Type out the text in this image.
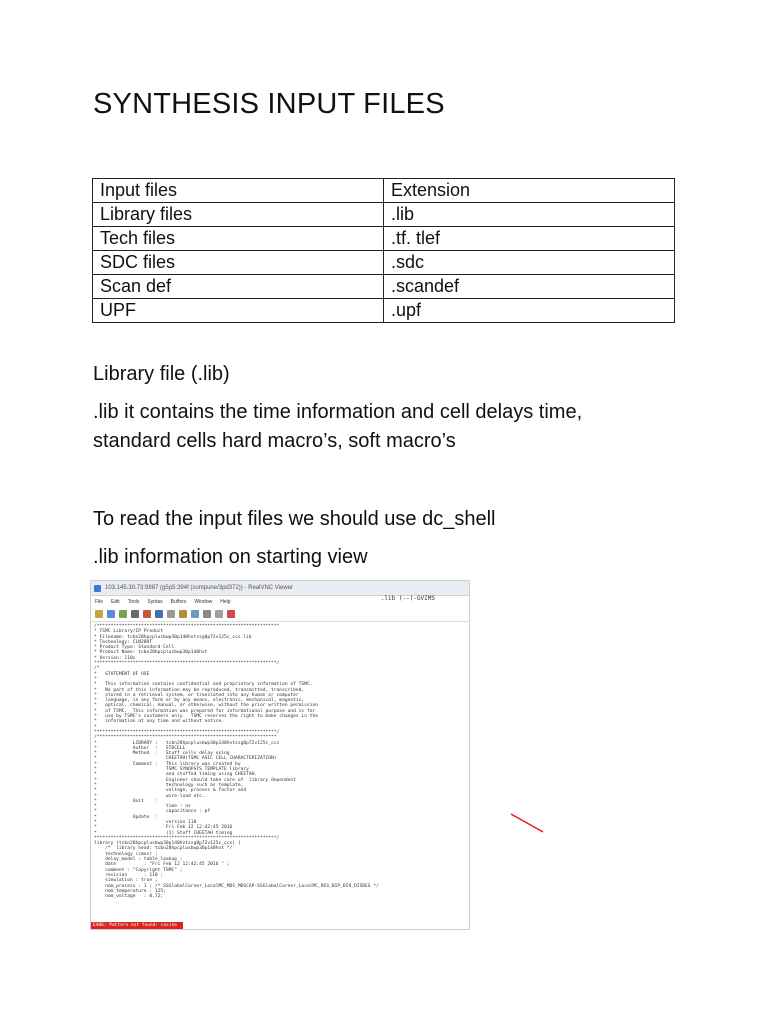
SYNTHESIS INPUT FILES
Input files	Extension
Library files	.lib
Tech files	.tf. tlef
SDC files	.sdc
Scan def	.scandef
UPF	.upf
Library file (.lib)
.lib it contains the time information and cell delays time,
standard cells hard macro’s, soft macro’s
To read the input files we should use dc_shell
.lib information on starting view
103.145.30.73:9887 (g5p5:394f (sumpune/3pd372)) - RealVNC Viewer
.lib (--)-GVIMS
File Edit Tools Syntax Buffers Window Help
/******************************************************************
* TSMC Library/IP Product
* Filename: tcbn28hpcplusbwp30p140hvtssg0p72v125c_ccs.lib
* Technology: CLN28HT
* Product Type: Standard Cell
* Product Name: tcbn28hpcplusbwp30p140hvt
* Version: 110c
******************************************************************/
/*
*   STATEMENT OF USE
*
*   This information contains confidential and proprietary information of TSMC.
*   No part of this information may be reproduced, transmitted, transcribed,
*   stored in a retrieval system, or translated into any human or computer
*   language, in any form or by any means, electronic, mechanical, magnetic,
*   optical, chemical, manual, or otherwise, without the prior written permission
*   of TSMC.  This information was prepared for informational purpose and is for
*   use by TSMC's customers only.  TSMC reserves the right to make changes in the
*   information at any time and without notice.
*
******************************************************************/
/*****************************************************************
*             LIBRARY :   tcbn28hpcplusbwp30p140hvtssg0p72v125c_ccs
*             Author  :   STDCELL
*             Method  :   Stuff cells delay using
*                         CHEETAH(TSMC ASIC CELL CHARACTERIZATION)
*             Comment :   This library was created by
*                         TSMC SYNOPSYS TEMPLATE library
*                         and stuffed timing using CHEETAH.
*                         Engineer should take care of  library dependent
*                         technology such as template,
*                         voltage, process & factor and
*                         wire-load etc.
*             Unit    :
*                         time : ns
*                         capacitance : pf
*             Update  :
*                         version 110
*                         Fri Feb 12 12:42:45 2016
*                         (1) Stuff CHEETAH timing
******************************************************************/
library (tcbn28hpcplusbwp30p140hvtssg0p72v125c_ccs) {
/*  library head: tcbn28hpcplusbwp30p140hvt */
technology (cmos) ;
delay_model : table_lookup ;
date          : "Fri Feb 12 12:42:45 2016 " ;
comment : "Copyright TSMC" ;
revision      : 110 ;
simulation : true ;
nom_process : 1 ; /* SSGlobalCorner_LocalMC_MOS_MOSCAP-SSGlobalCorner_LocalMC_RES_BIP_DIO_DISRES */
nom_temperature : 125;
nom_voltage   : 0.72;
E486: Pattern not found: cusine
